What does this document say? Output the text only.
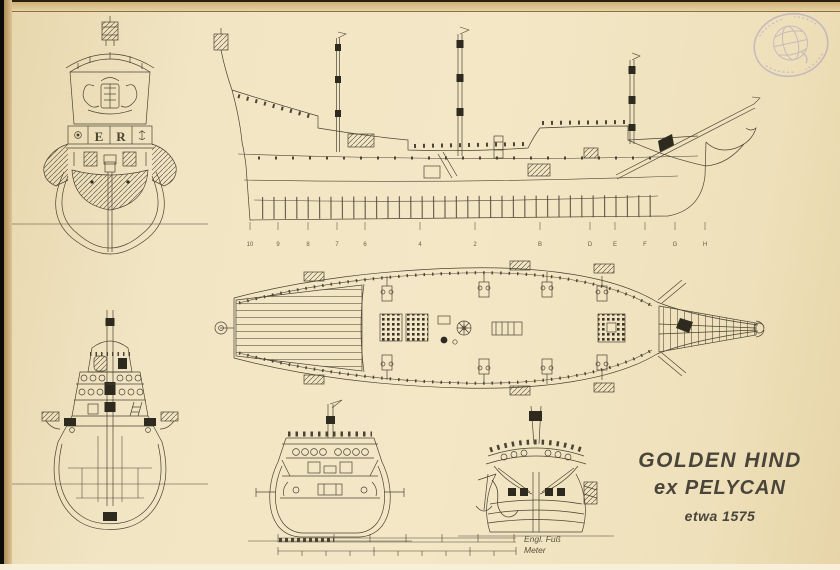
E R
10	9	8	7	6	4	2	B	D	E	F	G	H
Engl. Fuß
Meter
GOLDEN HIND
ex PELYCAN
etwa 1575
